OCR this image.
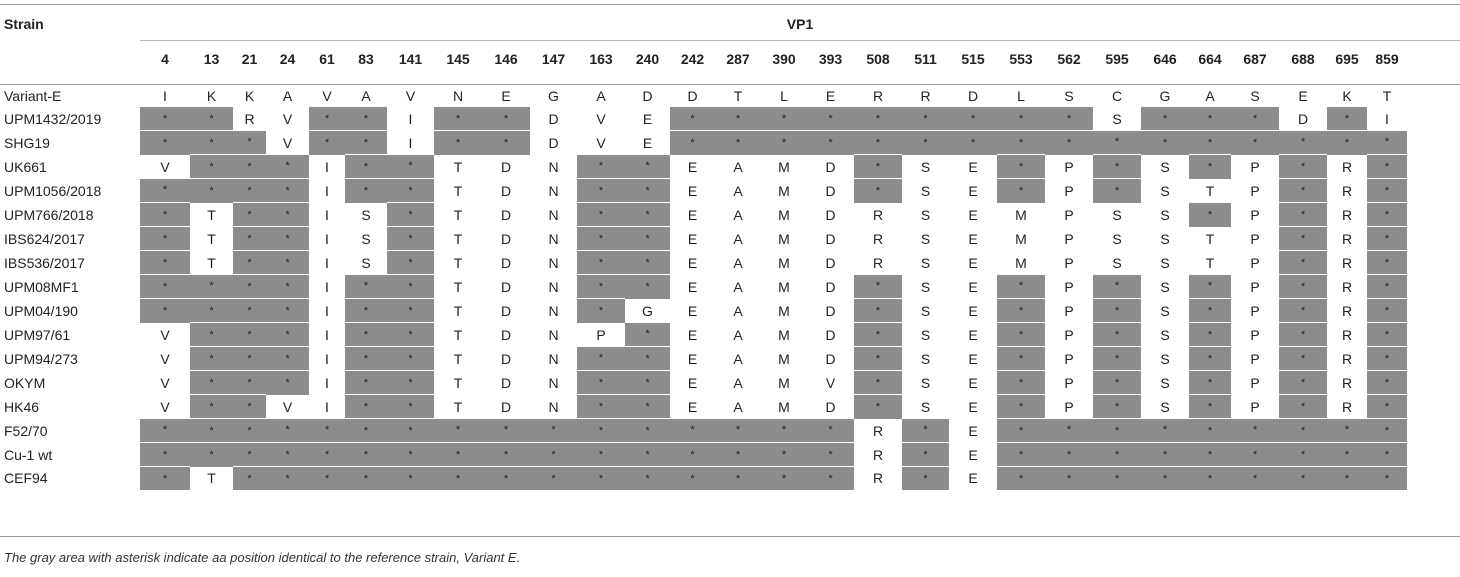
Strain	VP1
	4	13	21	24	61	83	141	145	146	147	163	240	242	287	390	393	508	511	515	553	562	595	646	664	687	688	695	859

Variant-E	I	K	K	A	V	A	V	N	E	G	A	D	D	T	L	E	R	R	D	L	S	C	G	A	S	E	K	T
UPM1432/2019	*	*	R	V	*	*	I	*	*	D	V	E	*	*	*	*	*	*	*	*	*	S	*	*	*	D	*	I
SHG19	*	*	*	V	*	*	I	*	*	D	V	E	*	*	*	*	*	*	*	*	*	*	*	*	*	*	*	*
UK661	V	*	*	*	I	*	*	T	D	N	*	*	E	A	M	D	*	S	E	*	P	*	S	*	P	*	R	*
UPM1056/2018	*	*	*	*	I	*	*	T	D	N	*	*	E	A	M	D	*	S	E	*	P	*	S	T	P	*	R	*
UPM766/2018	*	T	*	*	I	S	*	T	D	N	*	*	E	A	M	D	R	S	E	M	P	S	S	*	P	*	R	*
IBS624/2017	*	T	*	*	I	S	*	T	D	N	*	*	E	A	M	D	R	S	E	M	P	S	S	T	P	*	R	*
IBS536/2017	*	T	*	*	I	S	*	T	D	N	*	*	E	A	M	D	R	S	E	M	P	S	S	T	P	*	R	*
UPM08MF1	*	*	*	*	I	*	*	T	D	N	*	*	E	A	M	D	*	S	E	*	P	*	S	*	P	*	R	*
UPM04/190	*	*	*	*	I	*	*	T	D	N	*	G	E	A	M	D	*	S	E	*	P	*	S	*	P	*	R	*
UPM97/61	V	*	*	*	I	*	*	T	D	N	P	*	E	A	M	D	*	S	E	*	P	*	S	*	P	*	R	*
UPM94/273	V	*	*	*	I	*	*	T	D	N	*	*	E	A	M	D	*	S	E	*	P	*	S	*	P	*	R	*
OKYM	V	*	*	*	I	*	*	T	D	N	*	*	E	A	M	V	*	S	E	*	P	*	S	*	P	*	R	*
HK46	V	*	*	V	I	*	*	T	D	N	*	*	E	A	M	D	*	S	E	*	P	*	S	*	P	*	R	*
F52/70	*	*	*	*	*	*	*	*	*	*	*	*	*	*	*	*	R	*	E	*	*	*	*	*	*	*	*	*
Cu-1 wt	*	*	*	*	*	*	*	*	*	*	*	*	*	*	*	*	R	*	E	*	*	*	*	*	*	*	*	*
CEF94	*	T	*	*	*	*	*	*	*	*	*	*	*	*	*	*	R	*	E	*	*	*	*	*	*	*	*	*
The gray area with asterisk indicate aa position identical to the reference strain, Variant E.
